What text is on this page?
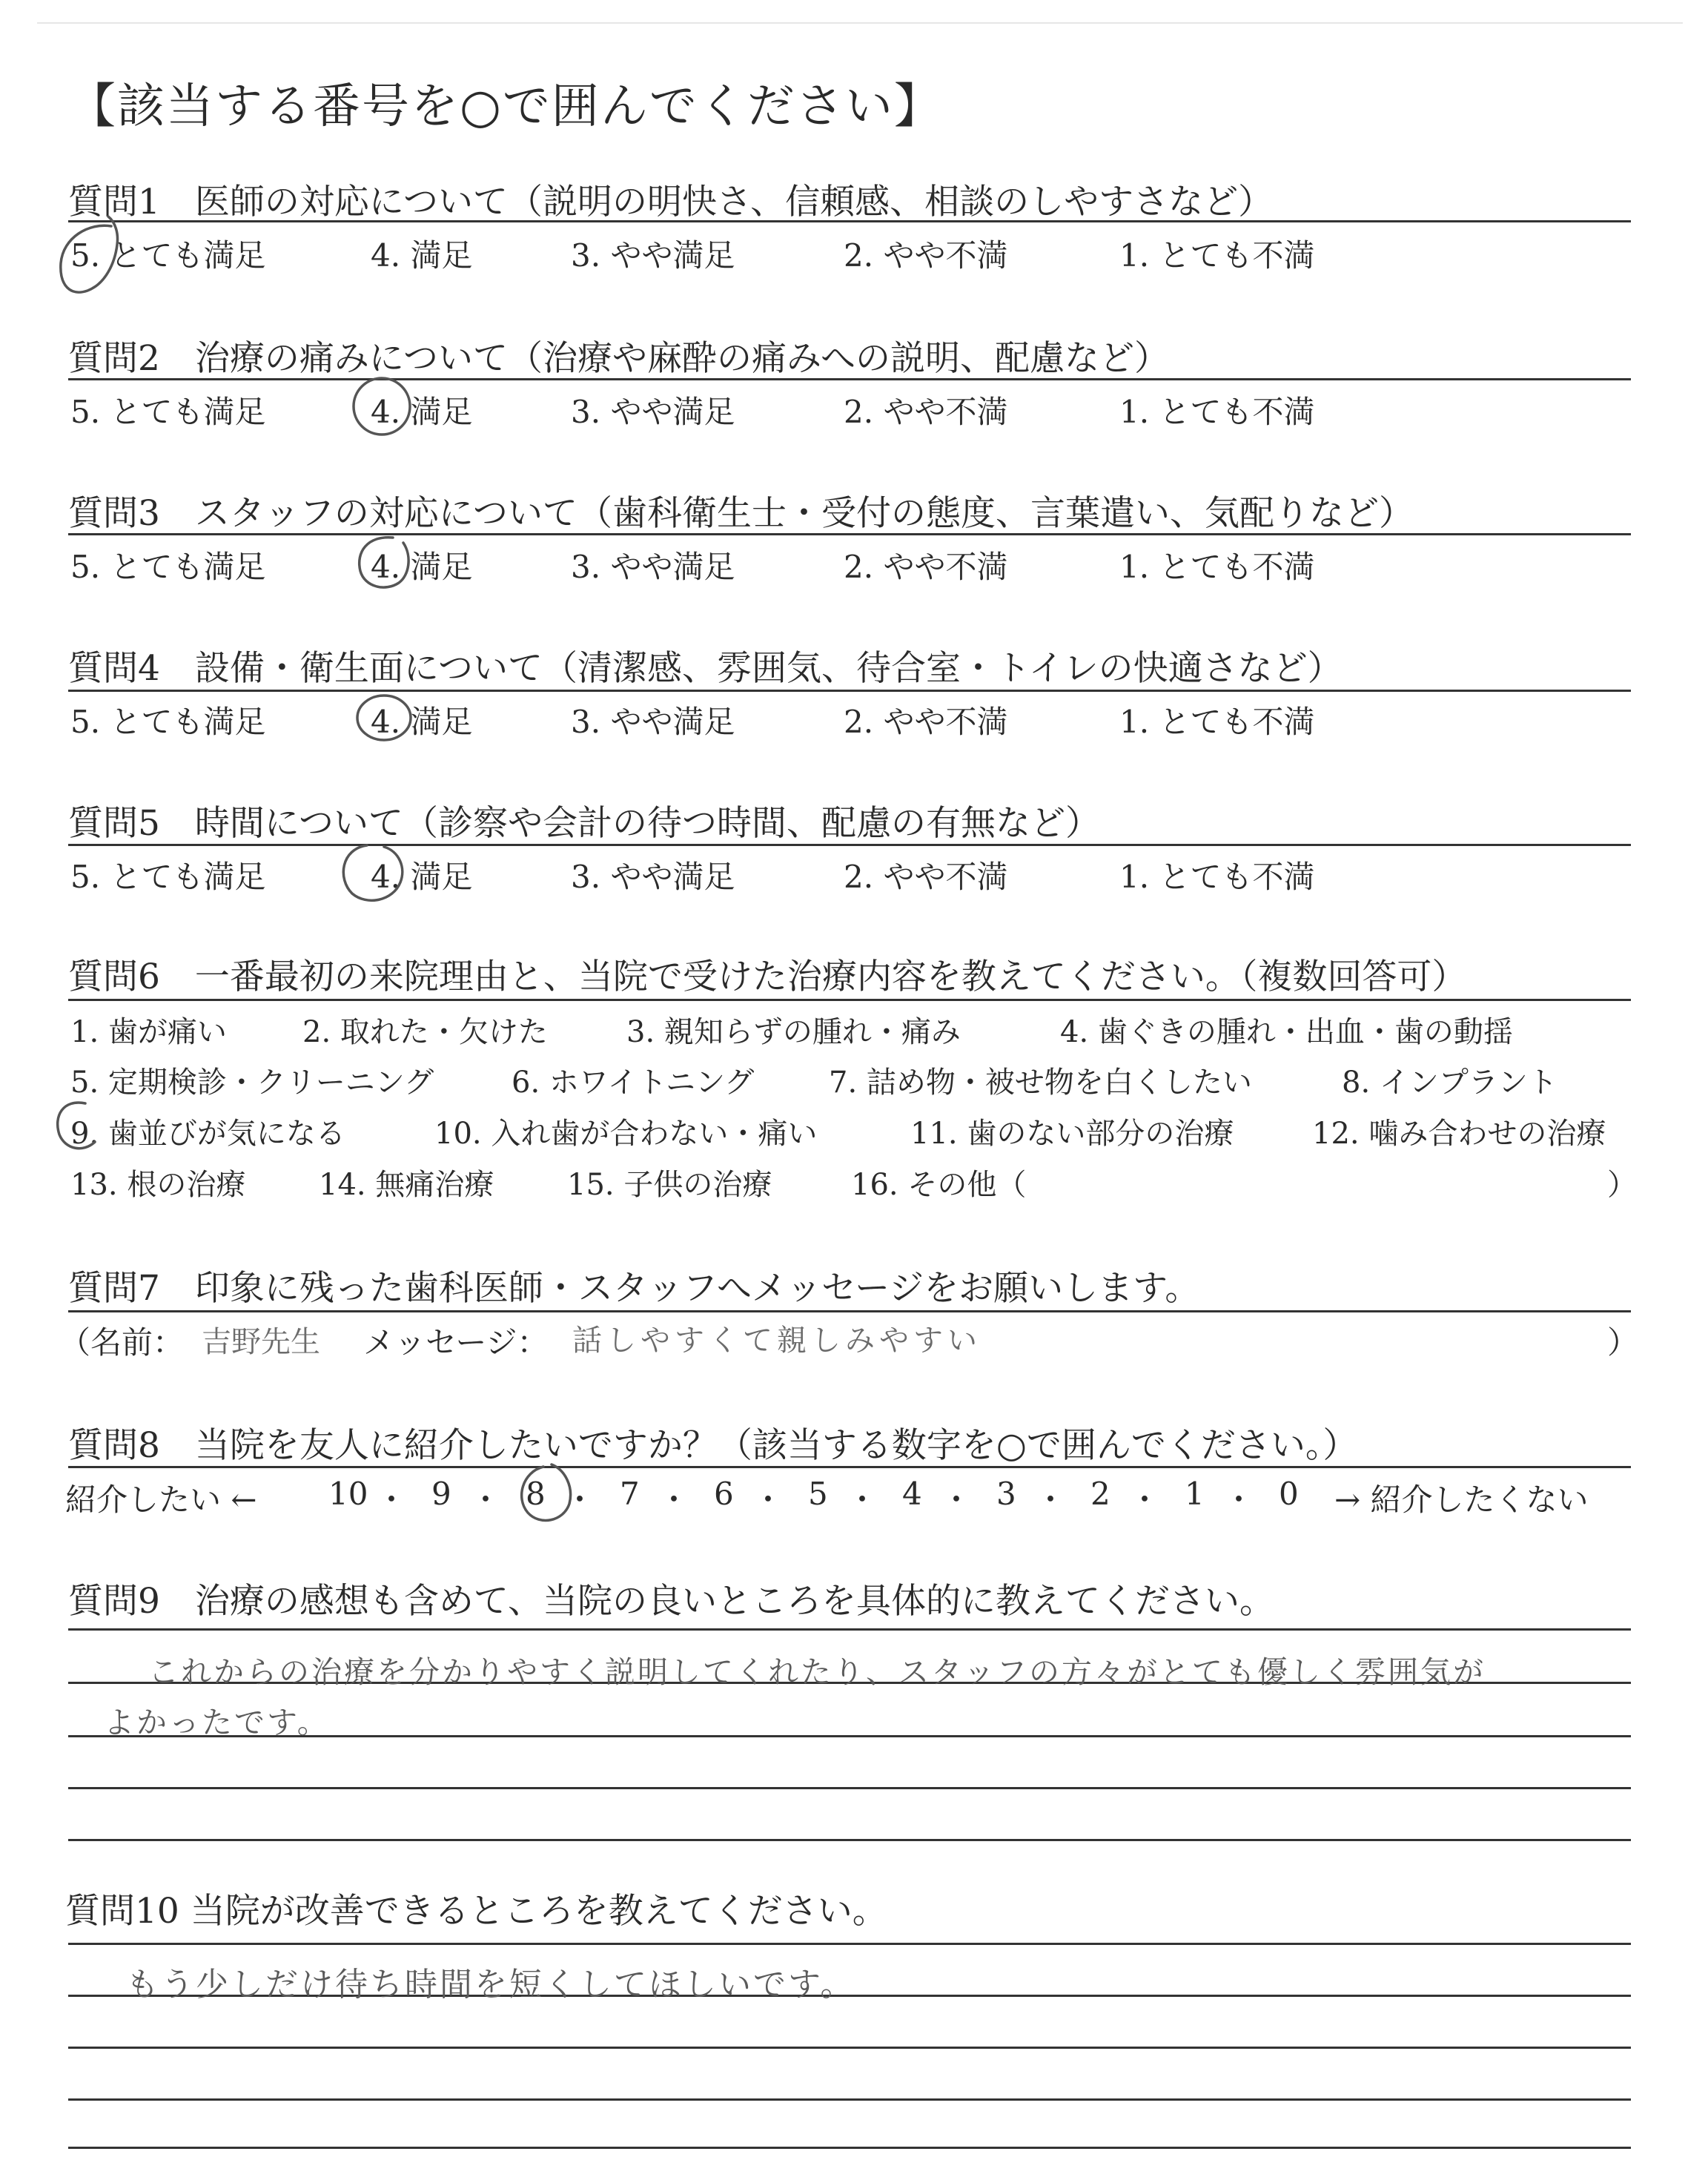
【該当する番号を○で囲んでください】
質問1　医師の対応について（説明の明快さ、信頼感、相談のしやすさなど）
5. とても満足	4. 満足	3. やや満足	2. やや不満	1. とても不満
質問2　治療の痛みについて（治療や麻酔の痛みへの説明、配慮など）
5. とても満足	4. 満足	3. やや満足	2. やや不満	1. とても不満
質問3　スタッフの対応について（歯科衛生士・受付の態度、言葉遣い、気配りなど）
5. とても満足	4. 満足	3. やや満足	2. やや不満	1. とても不満
質問4　設備・衛生面について（清潔感、雰囲気、待合室・トイレの快適さなど）
5. とても満足	4. 満足	3. やや満足	2. やや不満	1. とても不満
質問5　時間について（診察や会計の待つ時間、配慮の有無など）
5. とても満足	4. 満足	3. やや満足	2. やや不満	1. とても不満
質問6　一番最初の来院理由と、当院で受けた治療内容を教えてください。（複数回答可）
1. 歯が痛い	2. 取れた・欠けた	3. 親知らずの腫れ・痛み	4. 歯ぐきの腫れ・出血・歯の動揺
5. 定期検診・クリーニング	6. ホワイトニング	7. 詰め物・被せ物を白くしたい	8. インプラント
9. 歯並びが気になる	10. 入れ歯が合わない・痛い	11. 歯のない部分の治療	12. 噛み合わせの治療
13. 根の治療 14. 無痛治療 15. 子供の治療	16. その他（	）
質問7　印象に残った歯科医師・スタッフへメッセージをお願いします。
（名前： 吉野先生 メッセージ： 話しやすくて親しみやすい	）
質問8　当院を友人に紹介したいですか？（該当する数字を○で囲んでください。）
紹介したい ← 10 ・ 9 ・ 8 ・ 7 ・ 6 ・ 5 ・ 4 ・ 3 ・ 2 ・ 1 ・ 0 → 紹介したくない
質問9　治療の感想も含めて、当院の良いところを具体的に教えてください。
これからの治療を分かりやすく説明してくれたり、スタッフの方々がとても優しく雰囲気が
よかったです。
質問10 当院が改善できるところを教えてください。
もう少しだけ待ち時間を短くしてほしいです。
